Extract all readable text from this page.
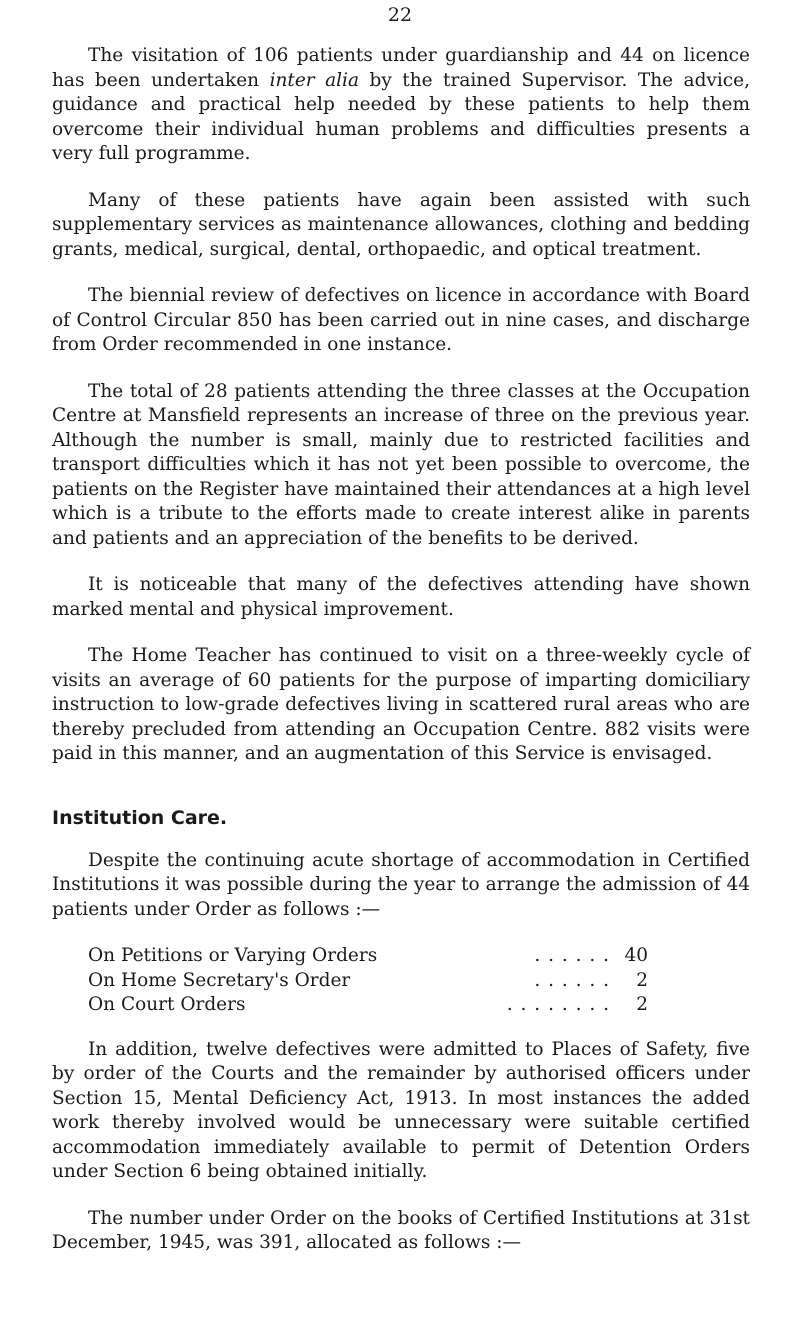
22

The visitation of 106 patients under guardianship and 44 on licence has been undertaken inter alia by the trained Supervisor. The advice, guidance and practical help needed by these patients to help them overcome their individual human problems and difficulties presents a very full programme.

Many of these patients have again been assisted with such supplementary services as maintenance allowances, clothing and bedding grants, medical, surgical, dental, orthopaedic, and optical treatment.

The biennial review of defectives on licence in accordance with Board of Control Circular 850 has been carried out in nine cases, and discharge from Order recommended in one instance.

The total of 28 patients attending the three classes at the Occupation Centre at Mansfield represents an increase of three on the previous year. Although the number is small, mainly due to restricted facilities and transport difficulties which it has not yet been possible to overcome, the patients on the Register have maintained their attendances at a high level which is a tribute to the efforts made to create interest alike in parents and patients and an appreciation of the benefits to be derived.

It is noticeable that many of the defectives attending have shown marked mental and physical improvement.

The Home Teacher has continued to visit on a three-weekly cycle of visits an average of 60 patients for the purpose of imparting domiciliary instruction to low-grade defectives living in scattered rural areas who are thereby precluded from attending an Occupation Centre. 882 visits were paid in this manner, and an augmentation of this Service is envisaged.

Institution Care.

Despite the continuing acute shortage of accommodation in Certified Institutions it was possible during the year to arrange the admission of 44 patients under Order as follows :—

On Petitions or Varying Orders	. . . . . . 40
On Home Secretary's Order	. . . . . .	2
On Court Orders	. . . . . . . .	2

In addition, twelve defectives were admitted to Places of Safety, five by order of the Courts and the remainder by authorised officers under Section 15, Mental Deficiency Act, 1913. In most instances the added work thereby involved would be unnecessary were suitable certified accommodation immediately available to permit of Detention Orders under Section 6 being obtained initially.

The number under Order on the books of Certified Institutions at 31st December, 1945, was 391, allocated as follows :—
